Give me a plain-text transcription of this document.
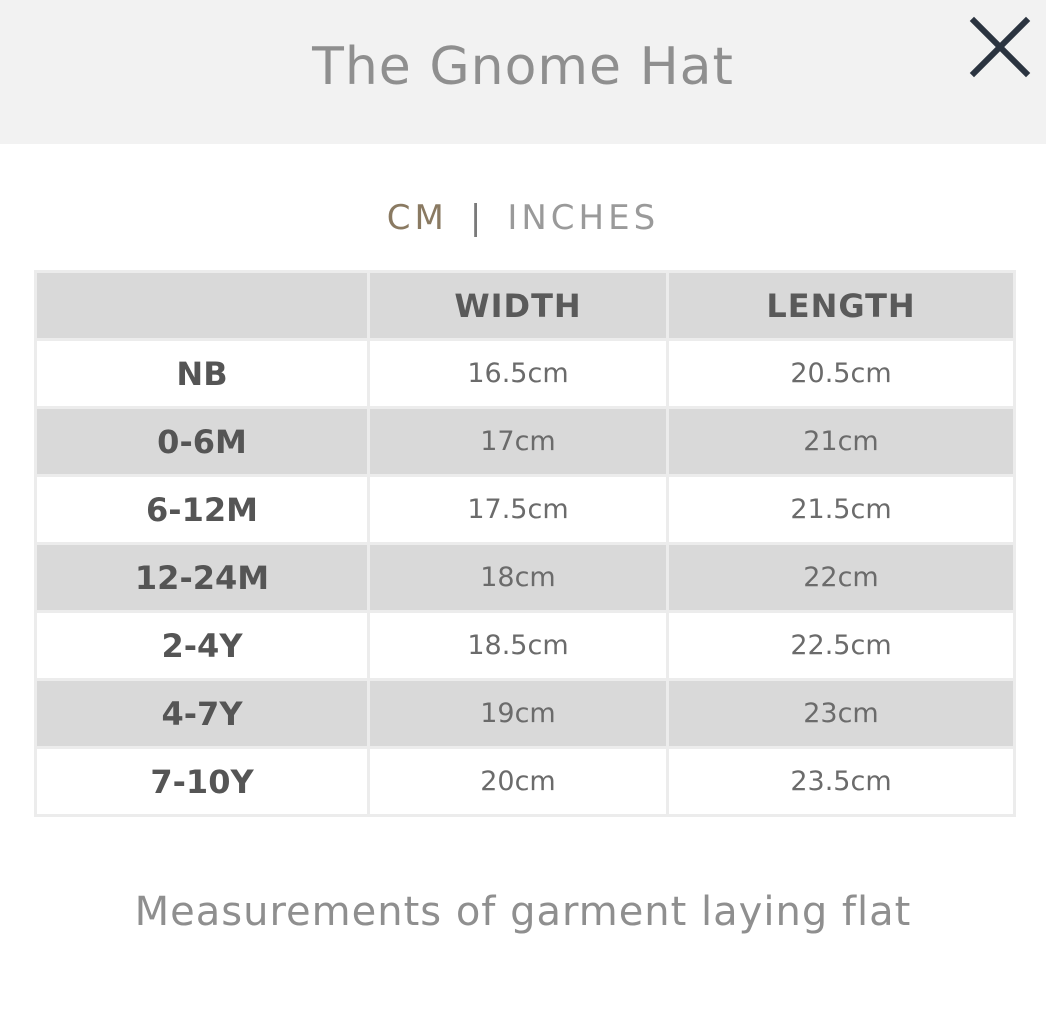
The Gnome Hat
CM | INCHES
	WIDTH	LENGTH
NB	16.5cm	20.5cm
0-6M	17cm	21cm
6-12M	17.5cm	21.5cm
12-24M	18cm	22cm
2-4Y	18.5cm	22.5cm
4-7Y	19cm	23cm
7-10Y	20cm	23.5cm
Measurements of garment laying flat
